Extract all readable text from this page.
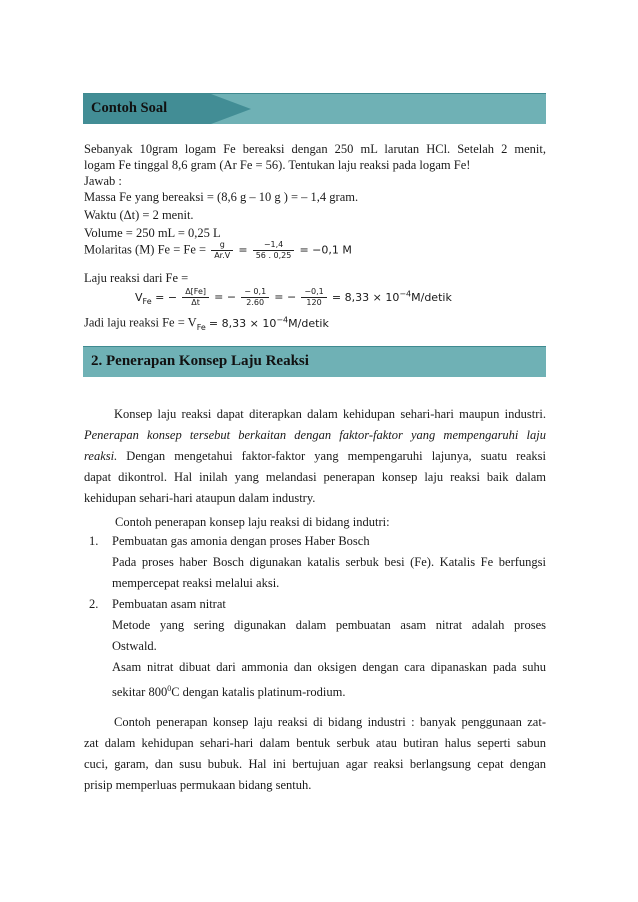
Contoh Soal
Sebanyak 10gram logam Fe bereaksi dengan 250 mL larutan HCl. Setelah 2 menit,
logam Fe tinggal 8,6 gram (Ar Fe = 56). Tentukan laju reaksi pada logam Fe!
Jawab :
Massa Fe yang bereaksi = (8,6 g – 10 g ) = – 1,4 gram.
Waktu (Δt) = 2 menit.
Volume = 250 mL = 0,25 L
Molaritas (M) $Fe = Fe = \frac{g}{Ar.V} = \frac{-1,4}{56 . 0,25} = -0,1$ M
Laju reaksi dari Fe =
$V_{Fe}$ = − $\frac{\Delta[Fe]}{\Delta t}$ = − $\frac{- 0,1}{2.60}$ = − $\frac{-0,1}{120} = 8,33$ × $10^{-4}M$/detik
Jadi laju reaksi $Fe = V_{Fe} = 8,33$ × $10^{-4}M$/detik
2. Penerapan Konsep Laju Reaksi
Konsep laju reaksi dapat diterapkan dalam kehidupan sehari-hari maupun industri.
Penerapan konsep tersebut berkaitan dengan faktor-faktor yang mempengaruhi laju
reaksi. Dengan mengetahui faktor-faktor yang mempengaruhi lajunya, suatu reaksi
dapat dikontrol. Hal inilah yang melandasi penerapan konsep laju reaksi baik dalam
kehidupan sehari-hari ataupun dalam industry.
Contoh penerapan konsep laju reaksi di bidang indutri:
1. Pembuatan gas amonia dengan proses Haber Bosch
Pada proses haber Bosch digunakan katalis serbuk besi (Fe). Katalis Fe berfungsi
mempercepat reaksi melalui aksi.
2. Pembuatan asam nitrat
Metode yang sering digunakan dalam pembuatan asam nitrat adalah proses
Ostwald.
Asam nitrat dibuat dari ammonia dan oksigen dengan cara dipanaskan pada suhu
sekitar $800^0C$ dengan katalis platinum-rodium.
Contoh penerapan konsep laju reaksi di bidang industri : banyak penggunaan zat-
zat dalam kehidupan sehari-hari dalam bentuk serbuk atau butiran halus seperti sabun
cuci, garam, dan susu bubuk. Hal ini bertujuan agar reaksi berlangsung cepat dengan
prisip memperluas permukaan bidang sentuh.
